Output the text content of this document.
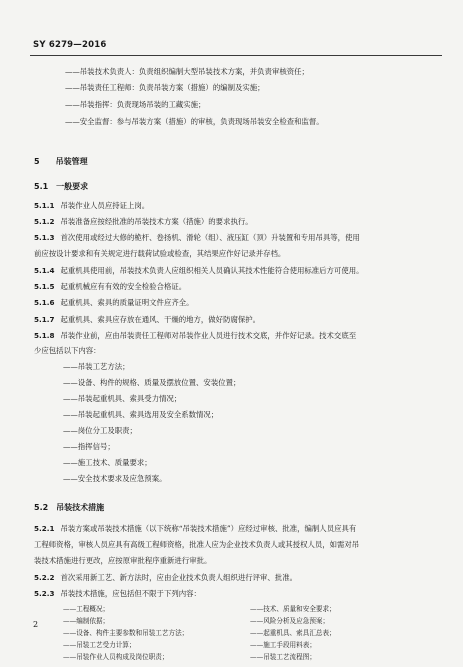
SY 6279—2016
——吊装技术负责人：负责组织编制大型吊装技术方案，并负责审核资任；
——吊装责任工程师：负责吊装方案（措施）的编制及实施；
——吊装指挥：负责现场吊装的工藏实施；
——安全监督：参与吊装方案（措施）的审核，负责现场吊装安全检查和监督。
5 吊装管理
5.1 一般要求
5.1.1 吊装作业人员应持证上岗。
5.1.2 吊装准备应按经批准的吊装技术方案（措施）的要求执行。
5.1.3 首次使用或经过大修的桅杆、卷扬机、滑轮（组）、液压缸（顶）升装置和专用吊具等，使用
前应按设计要求和有关规定进行载荷试验或检查，其结果应作好记录并存档。
5.1.4 起重机具使用前，吊装技术负责人应组织相关人员确认其技术性能符合使用标准后方可使用。
5.1.5 起重机械应有有效的安全检验合格证。
5.1.6 起重机具、索具的质量证明文件应齐全。
5.1.7 起重机具、索具应存放在通风、干燥的地方，做好防腐保护。
5.1.8 吊装作业前，应由吊装责任工程师对吊装作业人员进行技术交底，并作好记录。技术交底至
少应包括以下内容：
——吊装工艺方法；
——设备、构件的规格、质量及摆放位置、安装位置；
——吊装起重机具、索具受力情况；
——吊装起重机具、索具选用及安全系数情况；
——岗位分工及职责；
——指挥信号；
——施工技术、质量要求；
——安全技术要求及应急预案。
5.2 吊装技术措施
5.2.1 吊装方案或吊装技术措施（以下统称“吊装技术措施”）应经过审核、批准，编制人员应具有
工程师资格，审核人员应具有高级工程师资格，批准人应为企业技术负责人或其授权人员，如需对吊
装技术措施进行更改，应按原审批程序重新进行审批。
5.2.2 首次采用新工艺、新方法时，应由企业技术负责人组织进行评审、批准。
5.2.3 吊装技术措施，应包括但不限于下列内容：
——工程概况；
——编制依据；
——设备、构件主要参数和吊装工艺方法；
——吊装工艺受力计算；
——吊装作业人员构成及岗位职责；
——技术、质量和安全要求；
——风险分析及应急预案；
——起重机具、索具汇总表；
——施工手段用料表；
——吊装工艺流程图；
2
